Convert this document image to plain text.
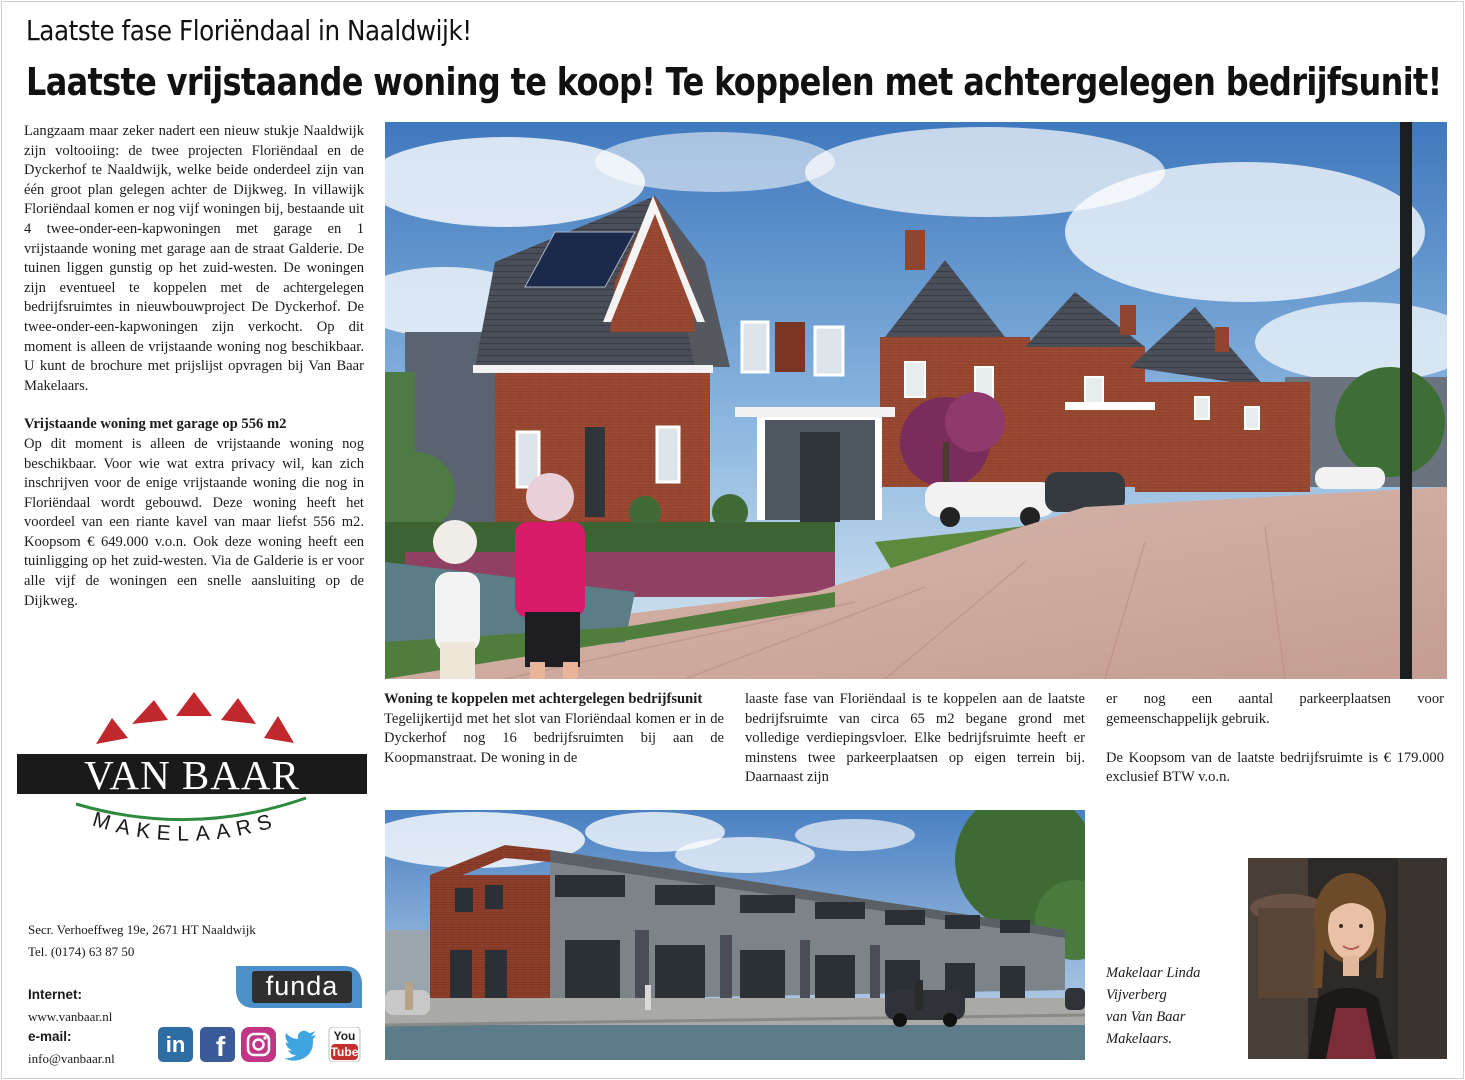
Laatste fase Floriëndaal in Naaldwijk!
Laatste vrijstaande woning te koop! Te koppelen met achtergelegen bedrijfsunit!

Langzaam maar zeker nadert een nieuw stukje Naaldwijk zijn voltooiing: de twee projecten Floriëndaal en de Dyckerhof te Naaldwijk, welke beide onderdeel zijn van één groot plan gelegen achter de Dijkweg. In villawijk Floriëndaal komen er nog vijf woningen bij, bestaande uit 4 twee-onder-een-kapwoningen met garage en 1 vrijstaande woning met garage aan de straat Galderie. De tuinen liggen gunstig op het zuid-westen. De woningen zijn eventueel te koppelen met de achtergelegen bedrijfsruimtes in nieuwbouwproject De Dyckerhof. De twee-onder-een-kapwoningen zijn verkocht. Op dit moment is alleen de vrijstaande woning nog beschikbaar. U kunt de brochure met prijslijst opvragen bij Van Baar Makelaars.

Vrijstaande woning met garage op 556 m2

Op dit moment is alleen de vrijstaande woning nog beschikbaar. Voor wie wat extra privacy wil, kan zich inschrijven voor de enige vrijstaande woning die nog in Floriëndaal wordt gebouwd. Deze woning heeft het voordeel van een riante kavel van maar liefst 556 m2. Koopsom € 649.000 v.o.n. Ook deze woning heeft een tuinligging op het zuid-westen. Via de Galderie is er voor alle vijf de woningen een snelle aansluiting op de Dijkweg.

Woning te koppelen met achtergelegen bedrijfsunit

Tegelijkertijd met het slot van Floriëndaal komen er in de Dyckerhof nog 16 bedrijfsruimten bij aan de Koopmanstraat. De woning in de

laaste fase van Floriëndaal is te koppelen aan de laatste bedrijfsruimte van circa 65 m2 begane grond met volledige verdiepingsvloer. Elke bedrijfsruimte heeft er minstens twee parkeerplaatsen op eigen terrein bij. Daarnaast zijn

er nog een aantal parkeerplaatsen voor gemeenschappelijk gebruik.

De Koopsom van de laatste bedrijfsruimte is € 179.000 exclusief BTW v.o.n.

Makelaar Linda
Vijverberg
van Van Baar
Makelaars.
MAKELAARS
VAN BAAR
Secr. Verhoeffweg 19e, 2671 HT Naaldwijk
Tel. (0174) 63 87 50
Internet:
www.vanbaar.nl
e-mail:
info@vanbaar.nl
funda
in	f	You
Tube
